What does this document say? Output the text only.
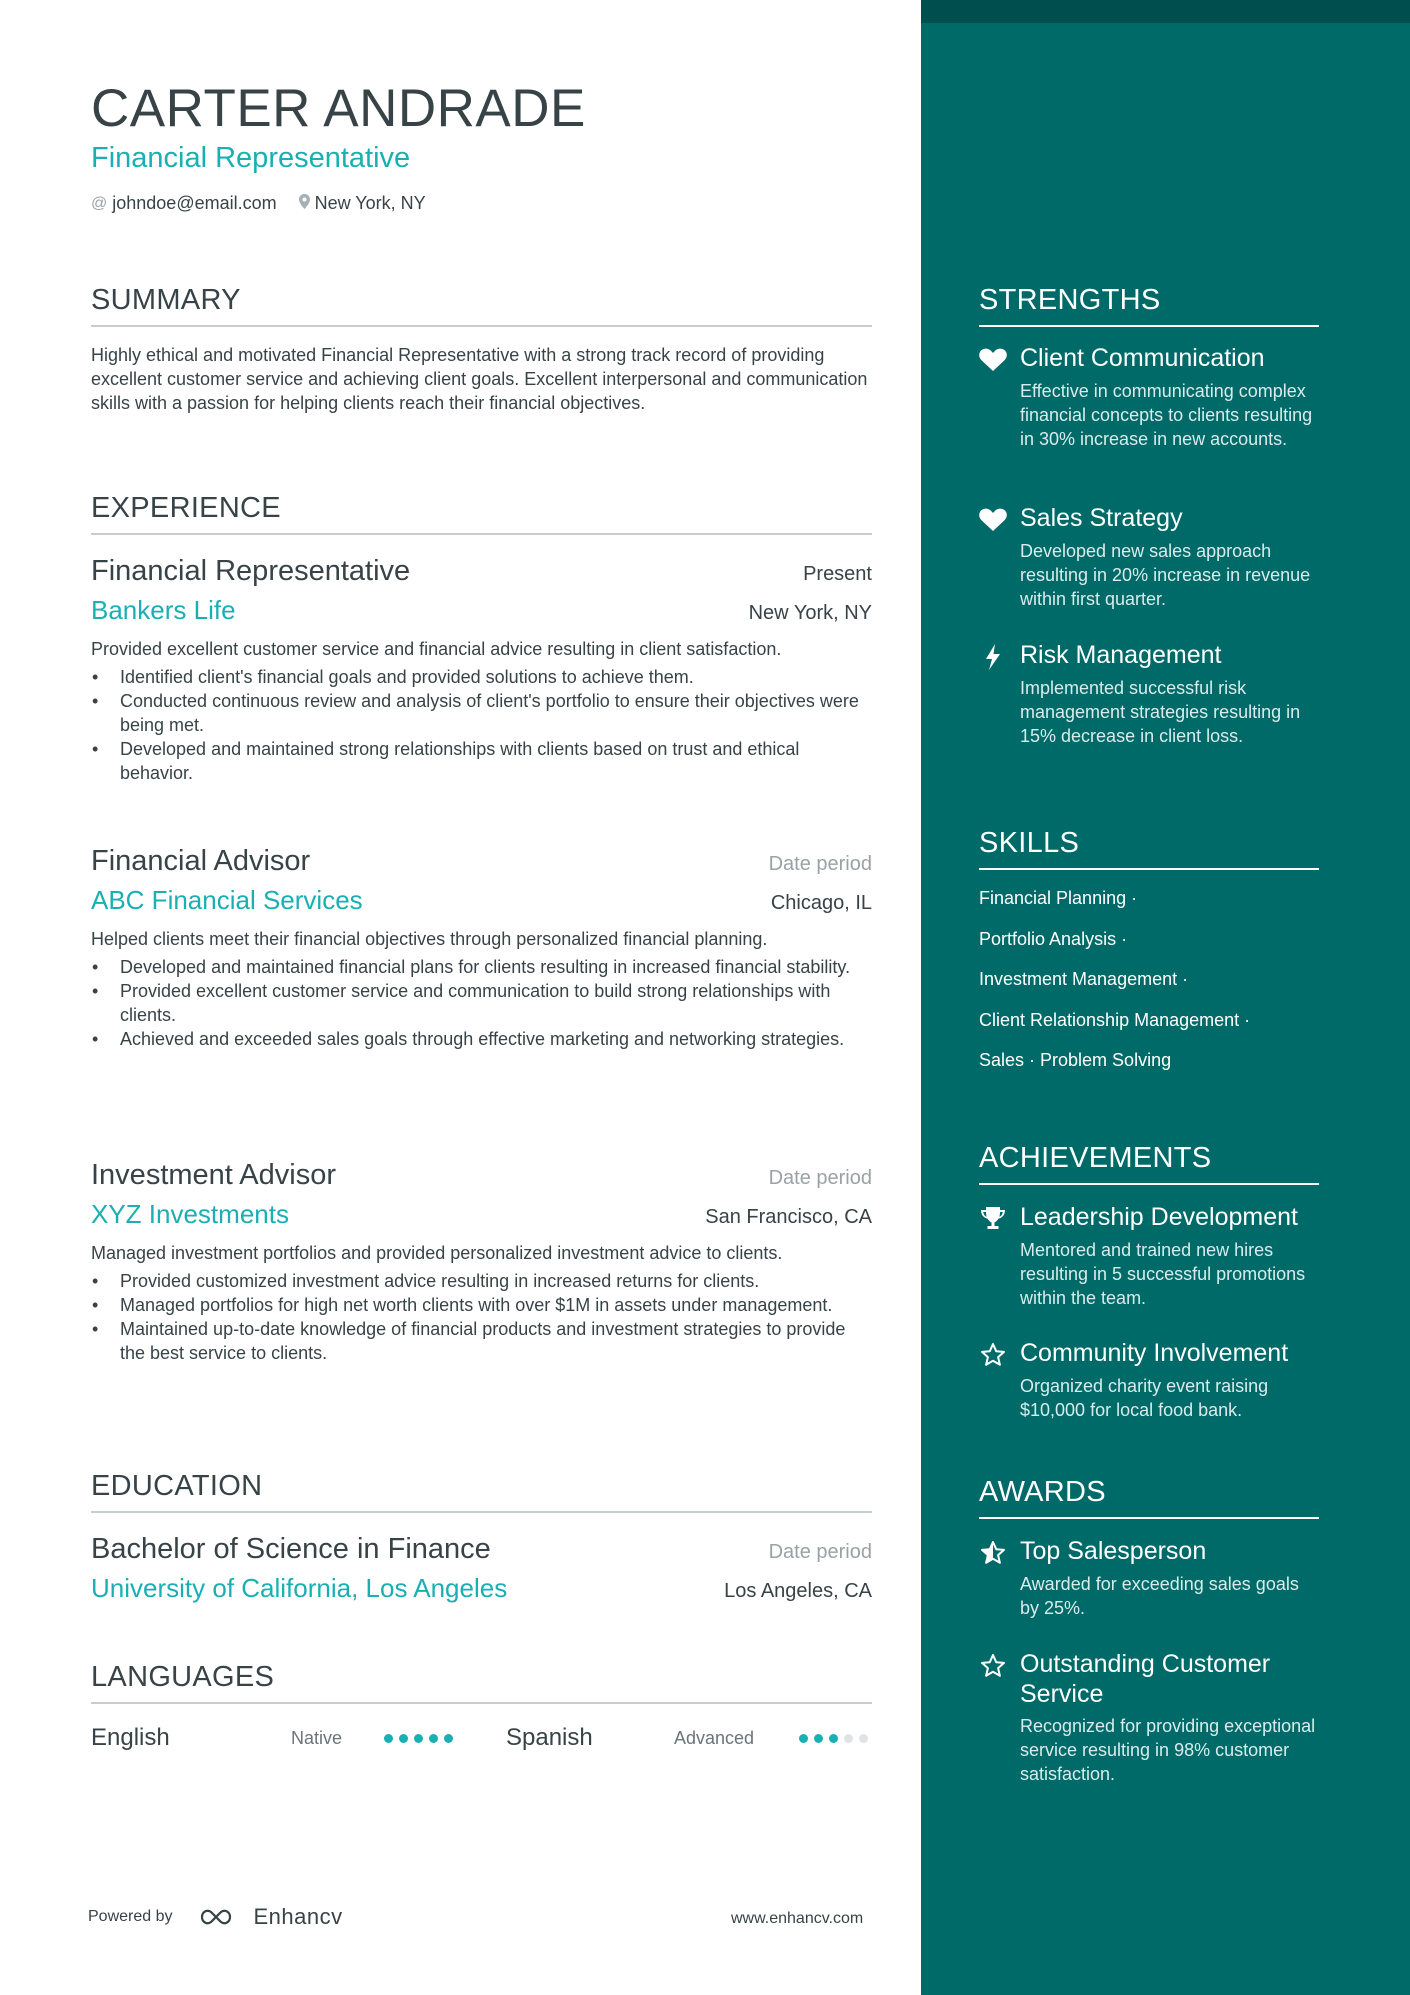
CARTER ANDRADE
Financial Representative
@ johndoe@email.com New York, NY
SUMMARY
Highly ethical and motivated Financial Representative with a strong track record of providing excellent customer service and achieving client goals. Excellent interpersonal and communication skills with a passion for helping clients reach their financial objectives.
EXPERIENCE
Financial Representative	Present
Bankers Life	New York, NY
Provided excellent customer service and financial advice resulting in client satisfaction.
• Identified client's financial goals and provided solutions to achieve them.
• Conducted continuous review and analysis of client's portfolio to ensure their objectives were being met.
• Developed and maintained strong relationships with clients based on trust and ethical behavior.
Financial Advisor	Date period
ABC Financial Services	Chicago, IL
Helped clients meet their financial objectives through personalized financial planning.
• Developed and maintained financial plans for clients resulting in increased financial stability.
• Provided excellent customer service and communication to build strong relationships with clients.
• Achieved and exceeded sales goals through effective marketing and networking strategies.
Investment Advisor	Date period
XYZ Investments	San Francisco, CA
Managed investment portfolios and provided personalized investment advice to clients.
• Provided customized investment advice resulting in increased returns for clients.
• Managed portfolios for high net worth clients with over $1M in assets under management.
• Maintained up-to-date knowledge of financial products and investment strategies to provide the best service to clients.
EDUCATION
Bachelor of Science in Finance	Date period
University of California, Los Angeles	Los Angeles, CA
LANGUAGES
English	Native	Spanish	Advanced
Powered by	Enhancv	www.enhancv.com
STRENGTHS
Client Communication
Effective in communicating complex financial concepts to clients resulting in 30% increase in new accounts.
Sales Strategy
Developed new sales approach resulting in 20% increase in revenue within first quarter.
Risk Management
Implemented successful risk management strategies resulting in 15% decrease in client loss.
SKILLS
Financial Planning ·
Portfolio Analysis ·
Investment Management ·
Client Relationship Management ·
Sales · Problem Solving
ACHIEVEMENTS
Leadership Development
Mentored and trained new hires resulting in 5 successful promotions within the team.
Community Involvement
Organized charity event raising $10,000 for local food bank.
AWARDS
Top Salesperson
Awarded for exceeding sales goals by 25%.
Outstanding Customer Service
Recognized for providing exceptional service resulting in 98% customer satisfaction.
